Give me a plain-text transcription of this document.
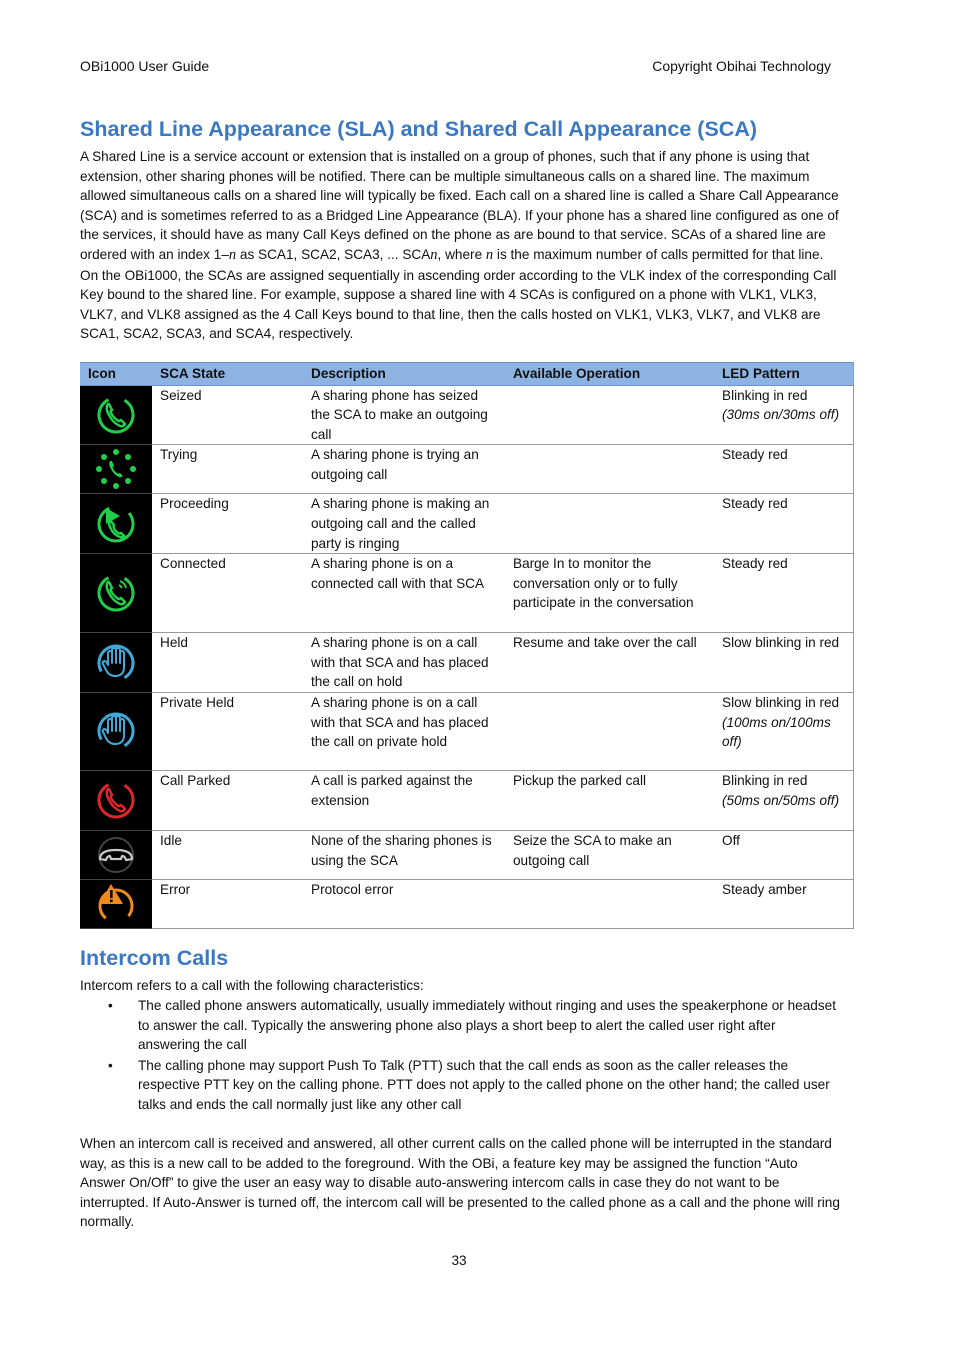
OBi1000 User Guide	Copyright Obihai Technology
Shared Line Appearance (SLA) and Shared Call Appearance (SCA)

A Shared Line is a service account or extension that is installed on a group of phones, such that if any phone is using that extension, other sharing phones will be notified. There can be multiple simultaneous calls on a shared line. The maximum allowed simultaneous calls on a shared line will typically be fixed. Each call on a shared line is called a Share Call Appearance (SCA) and is sometimes referred to as a Bridged Line Appearance (BLA). If your phone has a shared line configured as one of the services, it should have as many Call Keys defined on the phone as are bound to that service. SCAs of a shared line are ordered with an index 1–n as SCA1, SCA2, SCA3, ... SCAn, where n is the maximum number of calls permitted for that line. On the OBi1000, the SCAs are assigned sequentially in ascending order according to the VLK index of the corresponding Call Key bound to the shared line. For example, suppose a shared line with 4 SCAs is configured on a phone with VLK1, VLK3, VLK7, and VLK8 assigned as the 4 Call Keys bound to that line, then the calls hosted on VLK1, VLK3, VLK7, and VLK8 are SCA1, SCA2, SCA3, and SCA4, respectively.

Icon	SCA State	Description	Available Operation	LED Pattern

	Seized	A sharing phone has seized the SCA to make an outgoing call		Blinking in red
(30ms on/30ms off)

	Trying	A sharing phone is trying an outgoing call		Steady red

	Proceeding	A sharing phone is making an outgoing call and the called party is ringing		Steady red

	Connected	A sharing phone is on a connected call with that SCA	Barge In to monitor the conversation only or to fully participate in the conversation	Steady red

	Held	A sharing phone is on a call with that SCA and has placed the call on hold	Resume and take over the call	Slow blinking in red

	Private Held	A sharing phone is on a call with that SCA and has placed the call on private hold		Slow blinking in red
(100ms on/100ms off)

	Call Parked	A call is parked against the extension	Pickup the parked call	Blinking in red
(50ms on/50ms off)

	Idle	None of the sharing phones is using the SCA	Seize the SCA to make an outgoing call	Off

	Error	Protocol error		Steady amber
Intercom Calls

Intercom refers to a call with the following characteristics:

• The called phone answers automatically, usually immediately without ringing and uses the speakerphone or headset to answer the call. Typically the answering phone also plays a short beep to alert the called user right after answering the call
• The calling phone may support Push To Talk (PTT) such that the call ends as soon as the caller releases the respective PTT key on the calling phone. PTT does not apply to the called phone on the other hand; the called user talks and ends the call normally just like any other call

When an intercom call is received and answered, all other current calls on the called phone will be interrupted in the standard way, as this is a new call to be added to the foreground. With the OBi, a feature key may be assigned the function “Auto Answer On/Off” to give the user an easy way to disable auto-answering intercom calls in case they do not want to be interrupted. If Auto-Answer is turned off, the intercom call will be presented to the called phone as a call and the phone will ring normally.

33
